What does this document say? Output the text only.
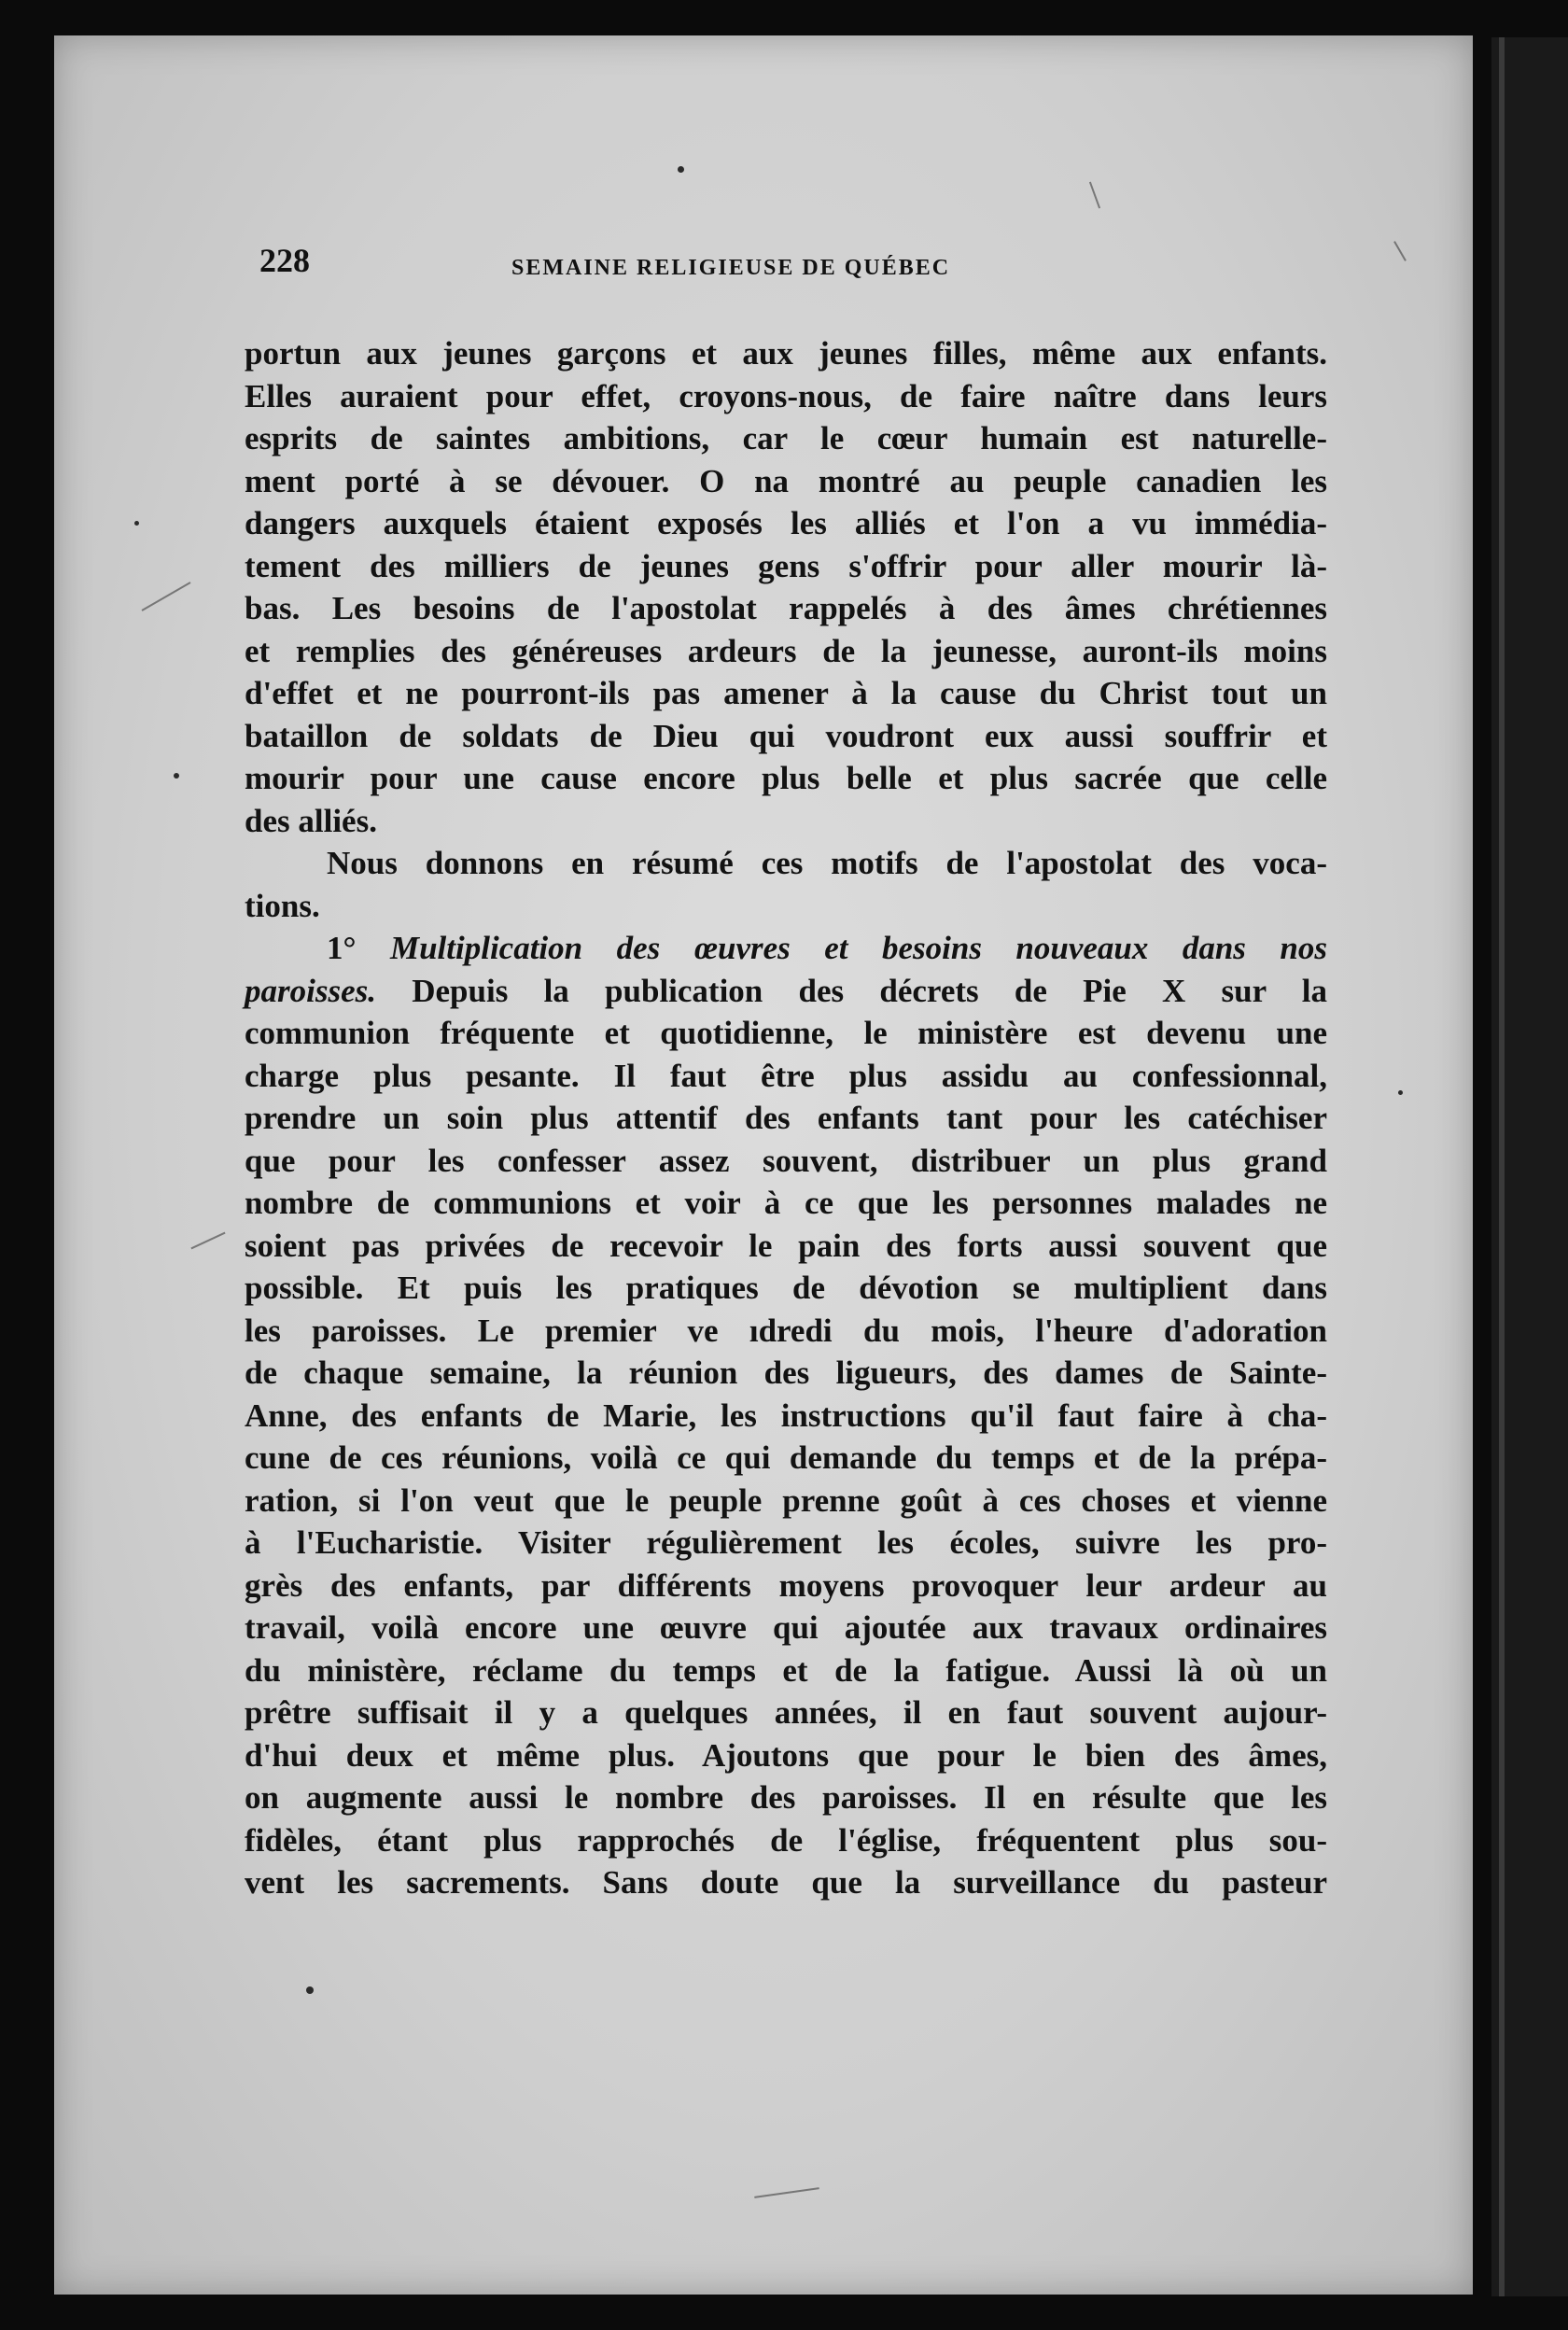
228	SEMAINE RELIGIEUSE DE QUÉBEC
portun aux jeunes garçons et aux jeunes filles, même aux enfants.
Elles auraient pour effet, croyons-nous, de faire naître dans leurs
esprits de saintes ambitions, car le cœur humain est naturelle-
ment porté à se dévouer. O na montré au peuple canadien les
dangers auxquels étaient exposés les alliés et l'on a vu immédia-
tement des milliers de jeunes gens s'offrir pour aller mourir là-
bas. Les besoins de l'apostolat rappelés à des âmes chrétiennes
et remplies des généreuses ardeurs de la jeunesse, auront-ils moins
d'effet et ne pourront-ils pas amener à la cause du Christ tout un
bataillon de soldats de Dieu qui voudront eux aussi souffrir et
mourir pour une cause encore plus belle et plus sacrée que celle
des alliés.
Nous donnons en résumé ces motifs de l'apostolat des voca-
tions.
1° Multiplication des œuvres et besoins nouveaux dans nos
paroisses. Depuis la publication des décrets de Pie X sur la
communion fréquente et quotidienne, le ministère est devenu une
charge plus pesante. Il faut être plus assidu au confessionnal,
prendre un soin plus attentif des enfants tant pour les catéchiser
que pour les confesser assez souvent, distribuer un plus grand
nombre de communions et voir à ce que les personnes malades ne
soient pas privées de recevoir le pain des forts aussi souvent que
possible. Et puis les pratiques de dévotion se multiplient dans
les paroisses. Le premier ve ıdredi du mois, l'heure d'adoration
de chaque semaine, la réunion des ligueurs, des dames de Sainte-
Anne, des enfants de Marie, les instructions qu'il faut faire à cha-
cune de ces réunions, voilà ce qui demande du temps et de la prépa-
ration, si l'on veut que le peuple prenne goût à ces choses et vienne
à l'Eucharistie. Visiter régulièrement les écoles, suivre les pro-
grès des enfants, par différents moyens provoquer leur ardeur au
travail, voilà encore une œuvre qui ajoutée aux travaux ordinaires
du ministère, réclame du temps et de la fatigue. Aussi là où un
prêtre suffisait il y a quelques années, il en faut souvent aujour-
d'hui deux et même plus. Ajoutons que pour le bien des âmes,
on augmente aussi le nombre des paroisses. Il en résulte que les
fidèles, étant plus rapprochés de l'église, fréquentent plus sou-
vent les sacrements. Sans doute que la surveillance du pasteur
